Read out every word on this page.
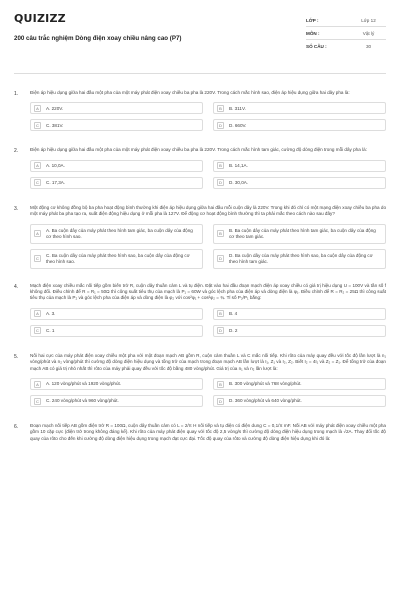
QUIZIZZ
200 câu trắc nghiệm Dòng điện xoay chiều nâng cao (P7)
LỚP :	Lớp 12
MÔN :	Vật lý
SỐ CÂU :	30
1.	Điện áp hiệu dụng giữa hai đầu một pha của một máy phát điện xoay chiều ba pha là 220V. Trong cách mắc hình sao, điện áp hiệu dụng giữa hai dây pha là:
A	A. 220V.	B	B. 311V.
C	C. 381V.	D	D. 660V.
2.	Điện áp hiệu dụng giữa hai đầu một pha của một máy phát điện xoay chiều ba pha là 220V. Trong cách mắc hình tam giác, cường độ dòng điện trong mỗi dây pha là:
A	A. 10,0A.	B	B. 14,1A.
C	C. 17,3A.	D	D. 30,0A.
3.	Một động cơ không đồng bộ ba pha hoạt động bình thường khi điện áp hiệu dụng giữa hai đầu mỗi cuộn dây là 220V. Trong khi đó chỉ có một mạng điện xoay chiều ba pha do một máy phát ba pha tạo ra, suất điện động hiệu dụng ở mỗi pha là 127V. Để động cơ hoạt động bình thường thì ta phải mắc theo cách nào sau đây?
A
A. Ba cuộn dây của máy phát theo hình tam giác, ba cuộn dây của động cơ theo hình sao.	B
B. Ba cuộn dây của máy phát theo hình tam giác, ba cuộn dây của động cơ theo tam giác.
C
C. Ba cuộn dây của máy phát theo hình sao, ba cuộn dây của động cơ theo hình sao.	D
D. Ba cuộn dây của máy phát theo hình sao, ba cuộn dây của động cơ theo hình tam giác.
4.	Mạch điện xoay chiều mắc nối tiếp gồm biến trở R, cuộn dây thuần cảm L và tụ điện. Đặt vào hai đầu đoạn mạch điện áp xoay chiều có giá trị hiệu dụng U = 100V và tần số f không đổi. Điều chỉnh để R = R₁ = 50Ω thì công suất tiêu thụ của mạch là P₁ = 60W và góc lệch pha của điện áp và dòng điện là φ₁. Điều chỉnh để R = R₂ = 25Ω thì công suất tiêu thụ của mạch là P₂ và góc lệch pha của điện áp và dòng điện là φ₂ với cos²φ₁ + cos²φ₂ = ¾. Tỉ số P₂/P₁ bằng:
A	A. 3.	B	B. 4
C	C. 1	D	D. 2
5.	Nối hai cực của máy phát điện xoay chiều một pha với một đoạn mạch AB gồm R, cuộn cảm thuần L và C mắc nối tiếp. Khi rôto của máy quay đều với tốc độ lần lượt là n₁ vòng/phút và n₂ vòng/phút thì cường độ dòng điện hiệu dụng và tổng trở của mạch trong đoạn mạch AB lần lượt là I₁, Z₁ và I₂, Z₂. Biết I₂ = 4I₁ và Z₂ = Z₁. Để tổng trở của đoạn mạch AB có giá trị nhỏ nhất thì rôto của máy phải quay đều với tốc độ bằng 480 vòng/phút. Giá trị của n₁ và n₂ lần lượt là:
A	A. 120 vòng/phút và 1920 vòng/phút.	B	B. 300 vòng/phút và 768 vòng/phút.
C	C. 240 vòng/phút và 960 vòng/phút.	D	D. 360 vòng/phút và 640 vòng/phút.
6.	Đoạn mạch nối tiếp AB gồm điện trở R = 100Ω, cuộn dây thuần cảm có L = 2/π H nối tiếp và tụ điện có điện dung C = 0,1/π mF. Nối AB với máy phát điện xoay chiều một pha gồm 10 cặp cực (điện trở trong không đáng kể). Khi rôto của máy phát điện quay với tốc độ 2,5 vòng/s thì cường độ dòng điện hiệu dụng trong mạch là √2A. Thay đổi tốc độ quay của rôto cho đến khi cường độ dòng điện hiệu dụng trong mạch đạt cực đại. Tốc độ quay của rôto và cường độ dòng điện hiệu dụng khi đó là:
